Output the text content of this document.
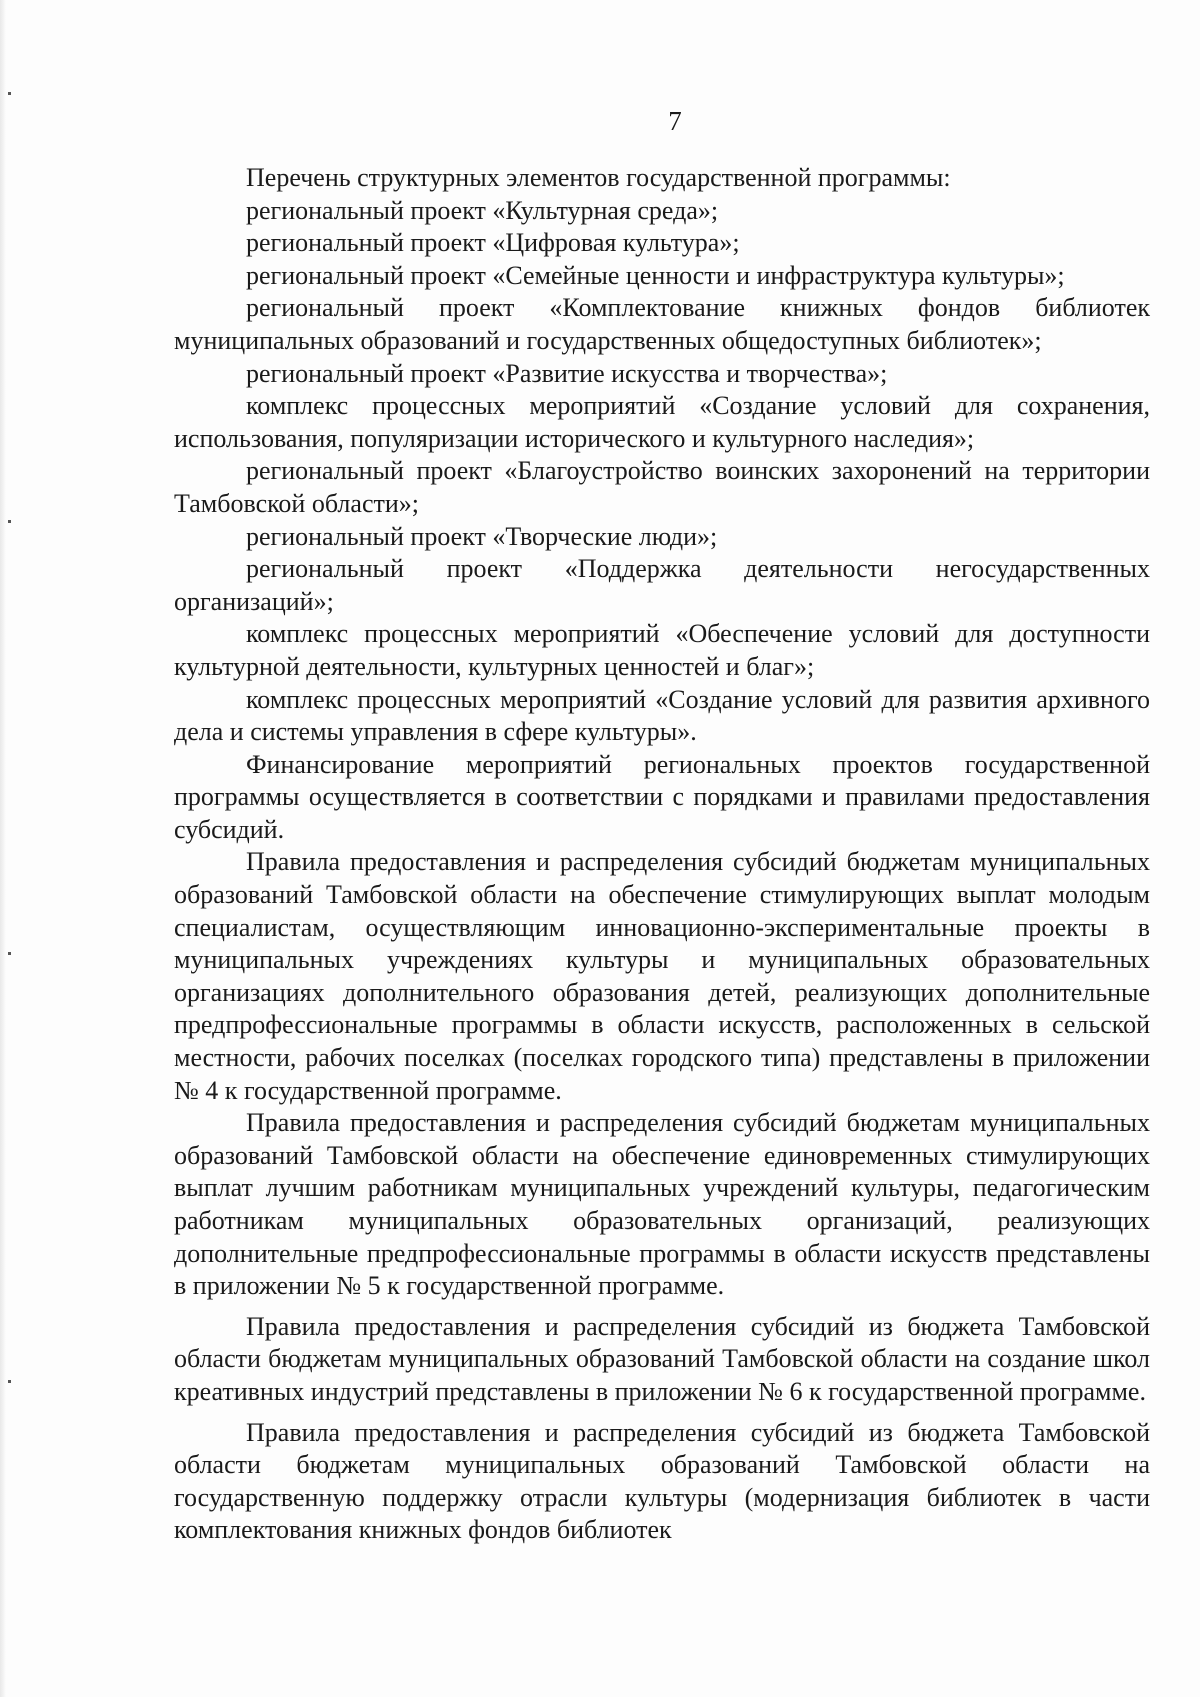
7

Перечень структурных элементов государственной программы:

региональный проект «Культурная среда»;

региональный проект «Цифровая культура»;

региональный проект «Семейные ценности и инфраструктура культуры»;

региональный проект «Комплектование книжных фондов библиотек муниципальных образований и государственных общедоступных библиотек»;

региональный проект «Развитие искусства и творчества»;

комплекс процессных мероприятий «Создание условий для сохранения, использования, популяризации исторического и культурного наследия»;

региональный проект «Благоустройство воинских захоронений на территории Тамбовской области»;

региональный проект «Творческие люди»;

региональный проект «Поддержка деятельности негосударственных организаций»;

комплекс процессных мероприятий «Обеспечение условий для доступности культурной деятельности, культурных ценностей и благ»;

комплекс процессных мероприятий «Создание условий для развития архивного дела и системы управления в сфере культуры».

Финансирование мероприятий региональных проектов государственной программы осуществляется в соответствии с порядками и правилами предоставления субсидий.

Правила предоставления и распределения субсидий бюджетам муниципальных образований Тамбовской области на обеспечение стимулирующих выплат молодым специалистам, осуществляющим инновационно-экспериментальные проекты в муниципальных учреждениях культуры и муниципальных образовательных организациях дополнительного образования детей, реализующих дополнительные предпрофессиональные программы в области искусств, расположенных в сельской местности, рабочих поселках (поселках городского типа) представлены в приложении № 4 к государственной программе.

Правила предоставления и распределения субсидий бюджетам муниципальных образований Тамбовской области на обеспечение единовременных стимулирующих выплат лучшим работникам муниципальных учреждений культуры, педагогическим работникам муниципальных образовательных организаций, реализующих дополнительные предпрофессиональные программы в области искусств представлены в приложении № 5 к государственной программе.

Правила предоставления и распределения субсидий из бюджета Тамбовской области бюджетам муниципальных образований Тамбовской области на создание школ креативных индустрий представлены в приложении № 6 к государственной программе.

Правила предоставления и распределения субсидий из бюджета Тамбовской области бюджетам муниципальных образований Тамбовской области на государственную поддержку отрасли культуры (модернизация библиотек в части комплектования книжных фондов библиотек
